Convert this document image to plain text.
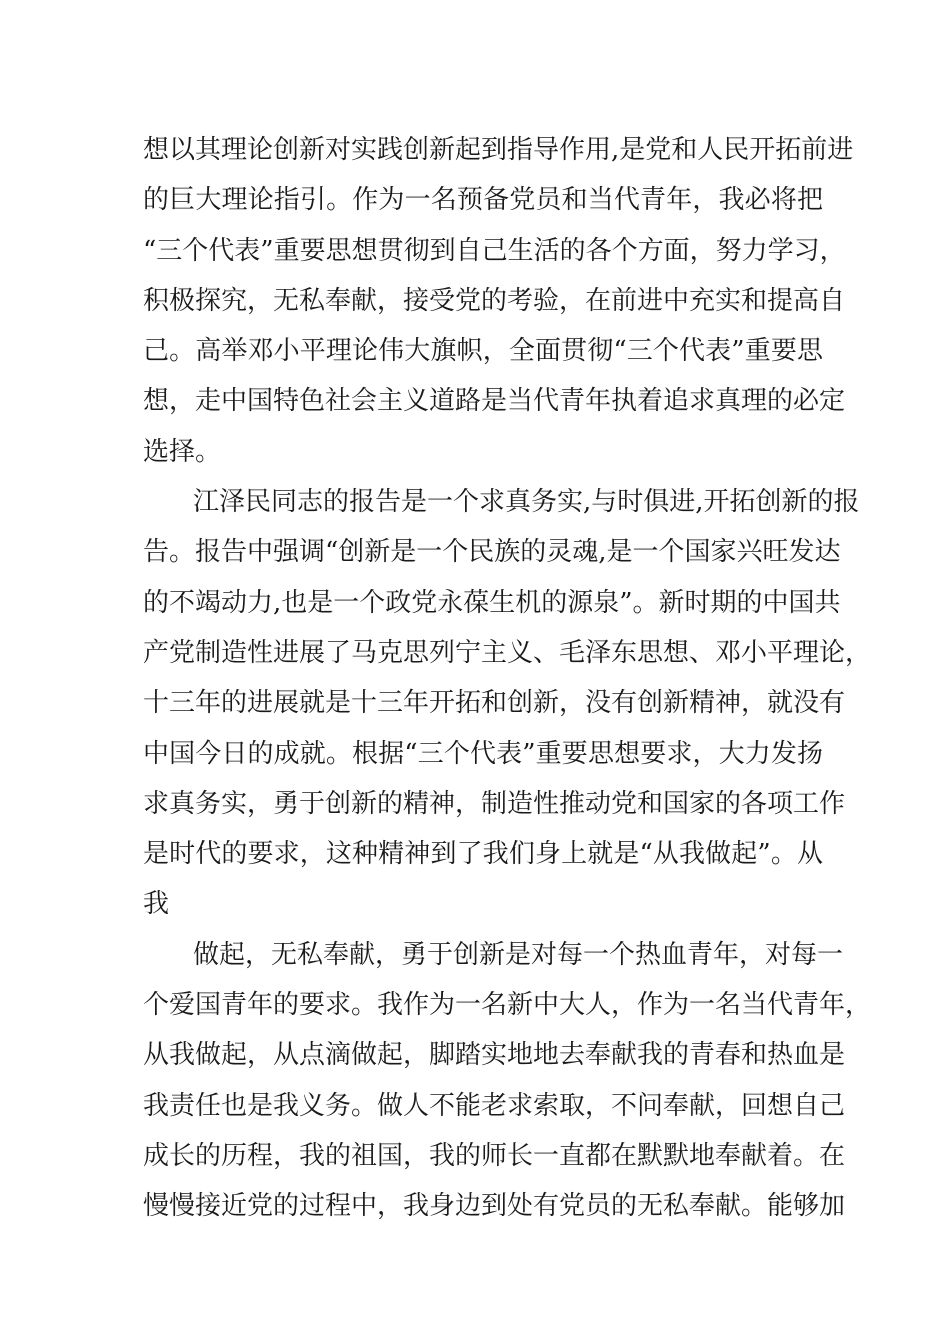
想以其理论创新对实践创新起到指导作用,是党和人民开拓前进
的巨大理论指引。作为一名预备党员和当代青年，我必将把
“三个代表”重要思想贯彻到自己生活的各个方面，努力学习，
积极探究，无私奉献，接受党的考验，在前进中充实和提高自
己。高举邓小平理论伟大旗帜，全面贯彻“三个代表”重要思
想，走中国特色社会主义道路是当代青年执着追求真理的必定
选择。
江泽民同志的报告是一个求真务实,与时俱进,开拓创新的报
告。报告中强调“创新是一个民族的灵魂,是一个国家兴旺发达
的不竭动力,也是一个政党永葆生机的源泉”。新时期的中国共
产党制造性进展了马克思列宁主义、毛泽东思想、邓小平理论，
十三年的进展就是十三年开拓和创新，没有创新精神，就没有
中国今日的成就。根据“三个代表”重要思想要求，大力发扬
求真务实，勇于创新的精神，制造性推动党和国家的各项工作
是时代的要求，这种精神到了我们身上就是“从我做起”。从
我
做起，无私奉献，勇于创新是对每一个热血青年，对每一
个爱国青年的要求。我作为一名新中大人，作为一名当代青年，
从我做起，从点滴做起，脚踏实地地去奉献我的青春和热血是
我责任也是我义务。做人不能老求索取，不问奉献，回想自己
成长的历程，我的祖国，我的师长一直都在默默地奉献着。在
慢慢接近党的过程中，我身边到处有党员的无私奉献。能够加
